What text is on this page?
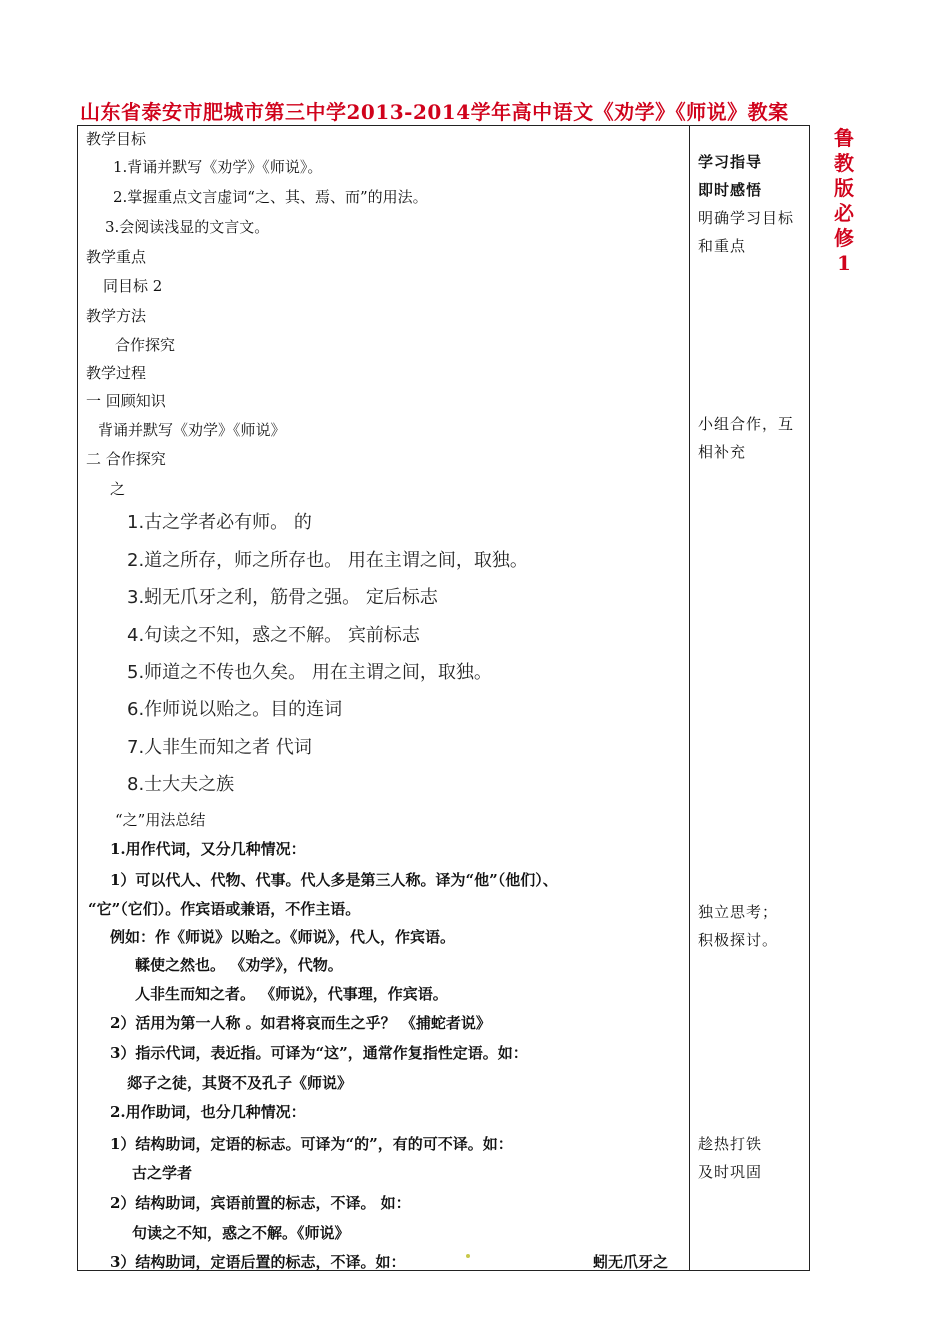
山东省泰安市肥城市第三中学2013-2014学年高中语文《劝学》《师说》教案
鲁教版必修1
教学目标
1.背诵并默写《劝学》《师说》。
2.掌握重点文言虚词“之、其、焉、而”的用法。
3.会阅读浅显的文言文。
教学重点
同目标 2
教学方法
合作探究
教学过程
一 回顾知识
背诵并默写《劝学》《师说》
二 合作探究
之
1.古之学者必有师。 的
2.道之所存，师之所存也。 用在主谓之间，取独。
3.蚓无爪牙之利，筋骨之强。 定后标志
4.句读之不知，惑之不解。 宾前标志
5.师道之不传也久矣。 用在主谓之间，取独。
6.作师说以贻之。目的连词
7.人非生而知之者 代词
8.士大夫之族
“之”用法总结
1.用作代词，又分几种情况：
1）可以代人、代物、代事。代人多是第三人称。译为“他”（他们）、
“它”（它们）。作宾语或兼语，不作主语。
例如：作《师说》以贻之。《师说》，代人，作宾语。
輮使之然也。 《劝学》，代物。
人非生而知之者。 《师说》，代事理，作宾语。
2）活用为第一人称 。如君将哀而生之乎？ 《捕蛇者说》
3）指示代词，表近指。可译为“这”，通常作复指性定语。如：
郯子之徒，其贤不及孔子《师说》
2.用作助词，也分几种情况：
1）结构助词，定语的标志。可译为“的”，有的可不译。如：
古之学者
2）结构助词，宾语前置的标志，不译。 如：
句读之不知，惑之不解。《师说》
3）结构助词，定语后置的标志，不译。如：	蚓无爪牙之
学习指导
即时感悟
明确学习目标
和重点
小组合作，互
相补充
独立思考；
积极探讨。
趁热打铁
及时巩固
